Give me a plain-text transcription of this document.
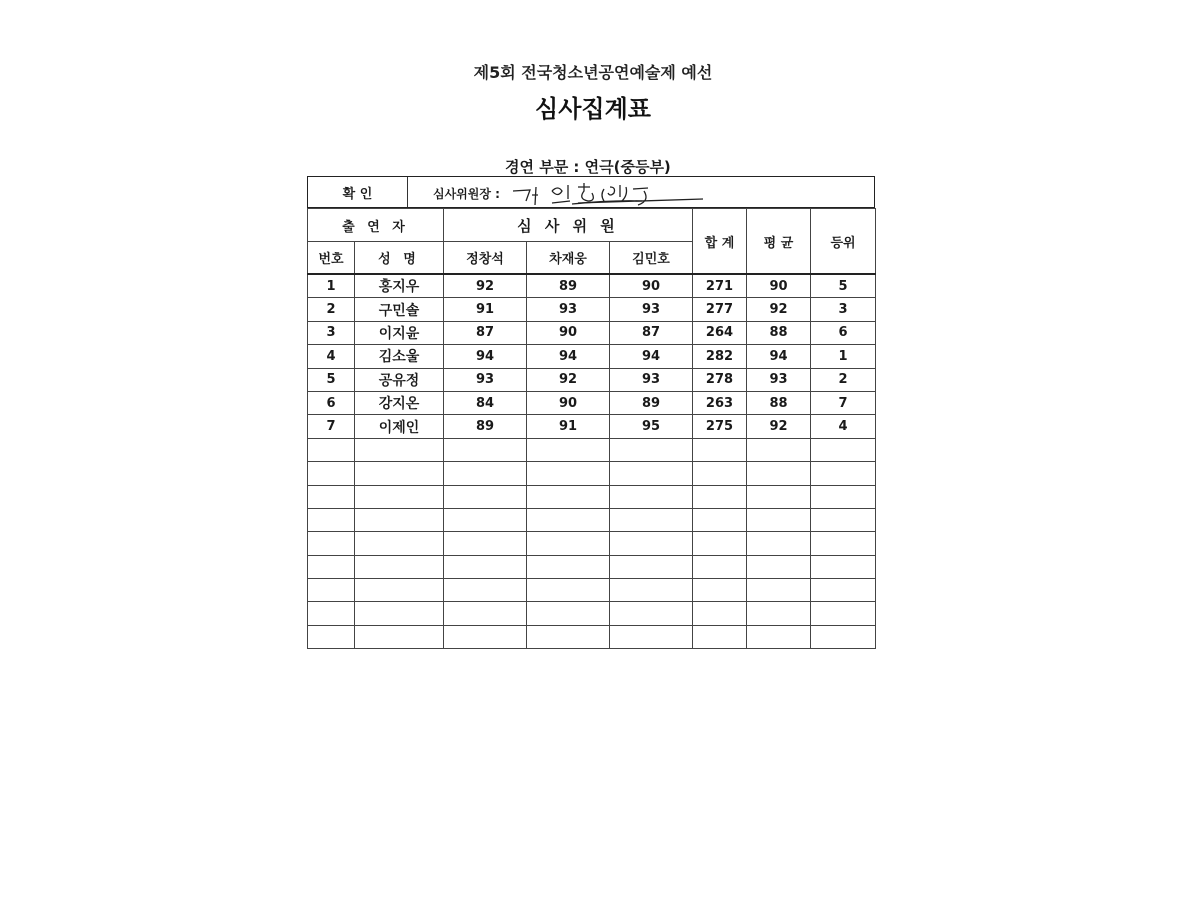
제5회 전국청소년공연예술제 예선
심사집계표
경연 부문 : 연극(중등부)
확 인	심사위원장 :
출 연 자		심 사 위 원			합 계	평 균	등위
번호	성 명	정창석	차재웅	김민호			
1	홍지우	92	89	90	271	90	5
2	구민솔	91	93	93	277	92	3
3	이지윤	87	90	87	264	88	6
4	김소울	94	94	94	282	94	1
5	공유정	93	92	93	278	93	2
6	강지온	84	90	89	263	88	7
7	이제인	89	91	95	275	92	4
